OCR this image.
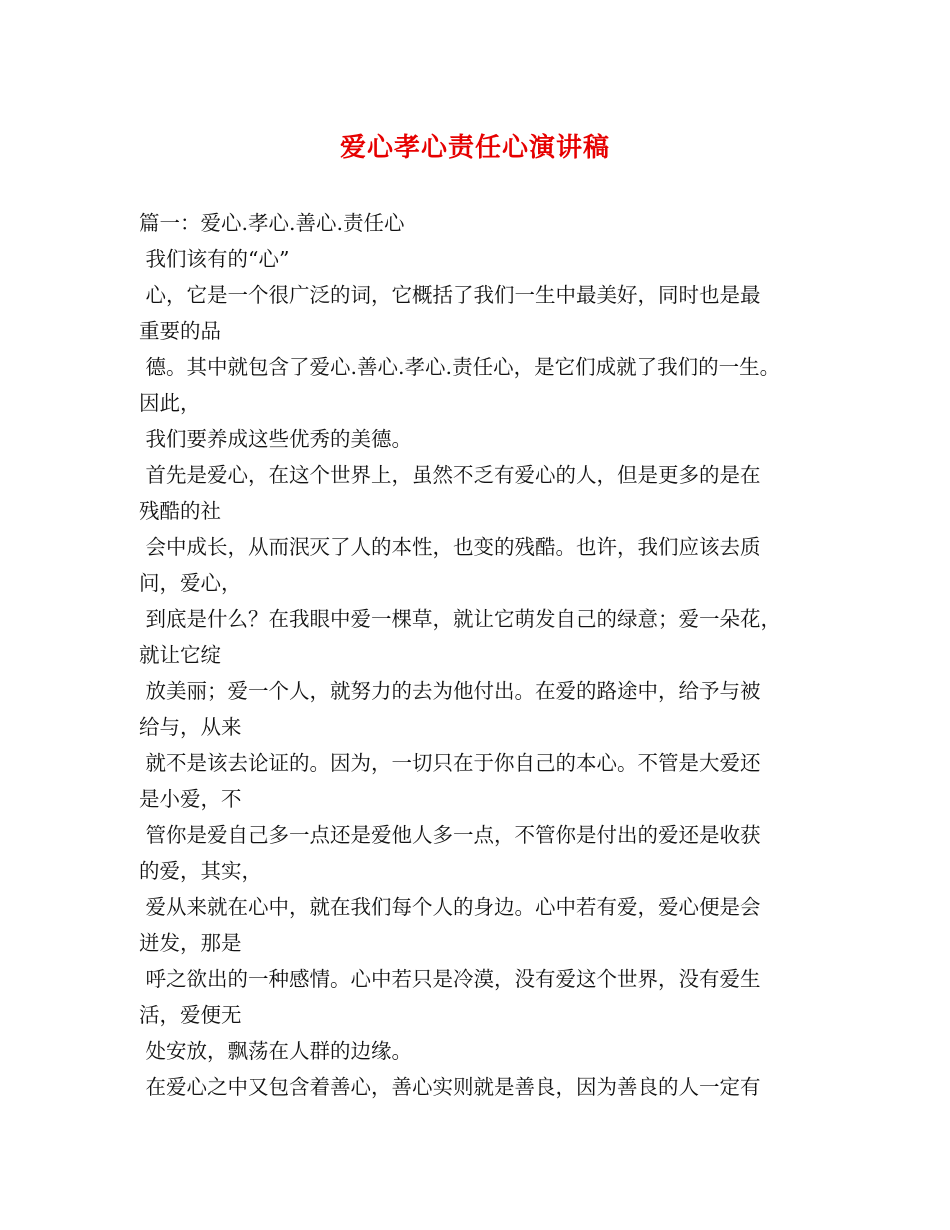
爱心孝心责任心演讲稿
篇一：爱心.孝心.善心.责任心
我们该有的“心”
心，它是一个很广泛的词，它概括了我们一生中最美好，同时也是最
重要的品
德。其中就包含了爱心.善心.孝心.责任心，是它们成就了我们的一生。
因此，
我们要养成这些优秀的美德。
首先是爱心，在这个世界上，虽然不乏有爱心的人，但是更多的是在
残酷的社
会中成长，从而泯灭了人的本性，也变的残酷。也许，我们应该去质
问，爱心，
到底是什么？在我眼中爱一棵草，就让它萌发自己的绿意；爱一朵花，
就让它绽
放美丽；爱一个人，就努力的去为他付出。在爱的路途中，给予与被
给与，从来
就不是该去论证的。因为，一切只在于你自己的本心。不管是大爱还
是小爱，不
管你是爱自己多一点还是爱他人多一点，不管你是付出的爱还是收获
的爱，其实，
爱从来就在心中，就在我们每个人的身边。心中若有爱，爱心便是会
迸发，那是
呼之欲出的一种感情。心中若只是冷漠，没有爱这个世界，没有爱生
活，爱便无
处安放，飘荡在人群的边缘。
在爱心之中又包含着善心，善心实则就是善良，因为善良的人一定有
